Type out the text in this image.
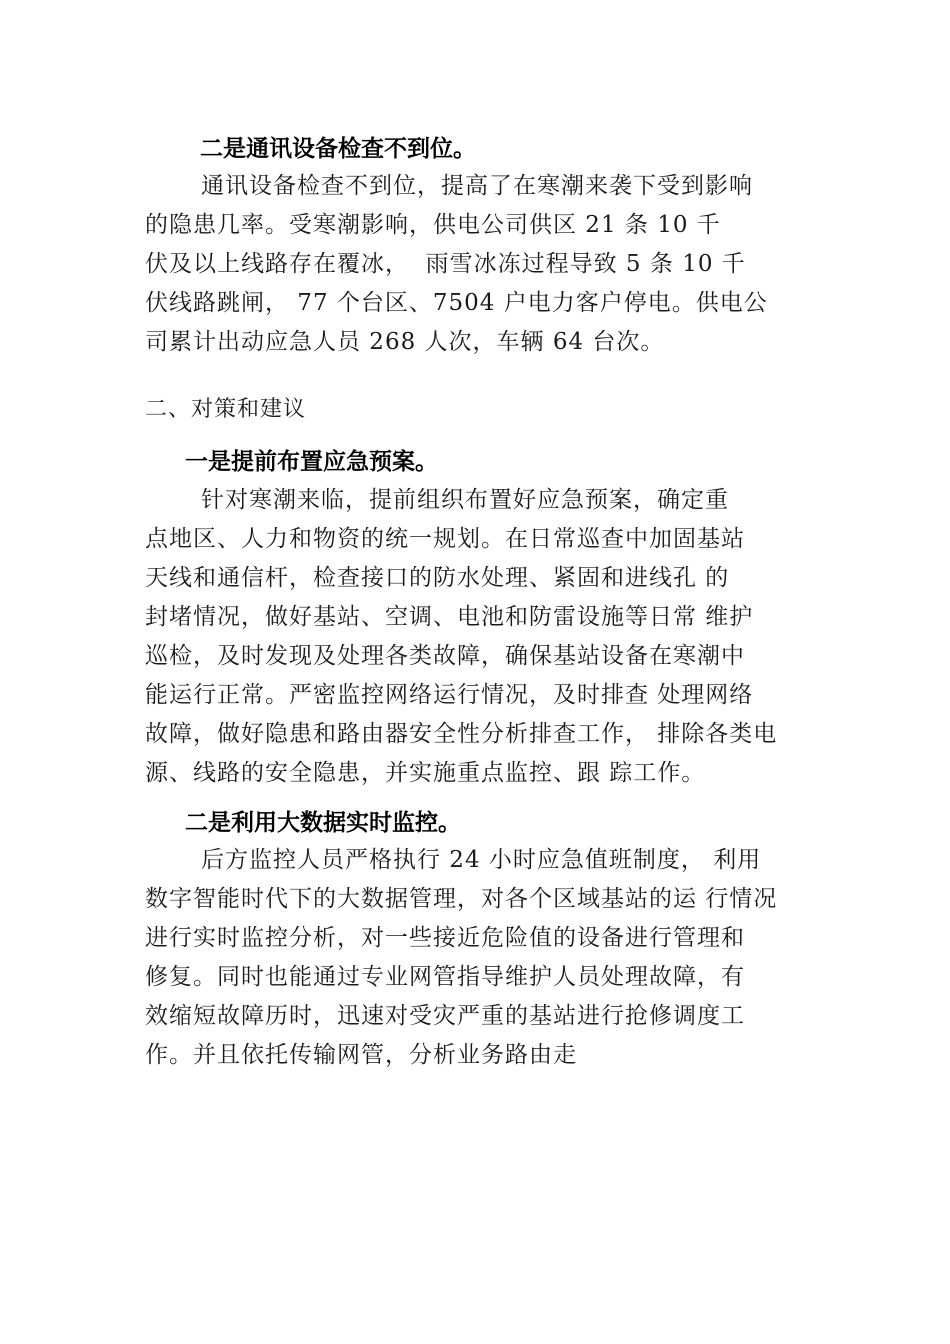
二是通讯设备检查不到位。
通讯设备检查不到位，提高了在寒潮来袭下受到影响
的隐患几率。受寒潮影响，供电公司供区 21 条 10 千
伏及以上线路存在覆冰，  雨雪冰冻过程导致 5 条 10 千
伏线路跳闸， 77 个台区、7504 户电力客户停电。供电公
司累计出动应急人员 268 人次，车辆 64 台次。
二、对策和建议
一是提前布置应急预案。
针对寒潮来临，提前组织布置好应急预案，确定重
点地区、人力和物资的统一规划。在日常巡查中加固基站
天线和通信杆，检查接口的防水处理、紧固和进线孔 的
封堵情况，做好基站、空调、电池和防雷设施等日常 维护
巡检，及时发现及处理各类故障，确保基站设备在寒潮中
能运行正常。严密监控网络运行情况，及时排查 处理网络
故障，做好隐患和路由器安全性分析排查工作， 排除各类电
源、线路的安全隐患，并实施重点监控、跟 踪工作。
二是利用大数据实时监控。
后方监控人员严格执行 24 小时应急值班制度， 利用
数字智能时代下的大数据管理，对各个区域基站的运 行情况
进行实时监控分析，对一些接近危险值的设备进行管理和
修复。同时也能通过专业网管指导维护人员处理故障，有
效缩短故障历时，迅速对受灾严重的基站进行抢修调度工
作。并且依托传输网管，分析业务路由走
